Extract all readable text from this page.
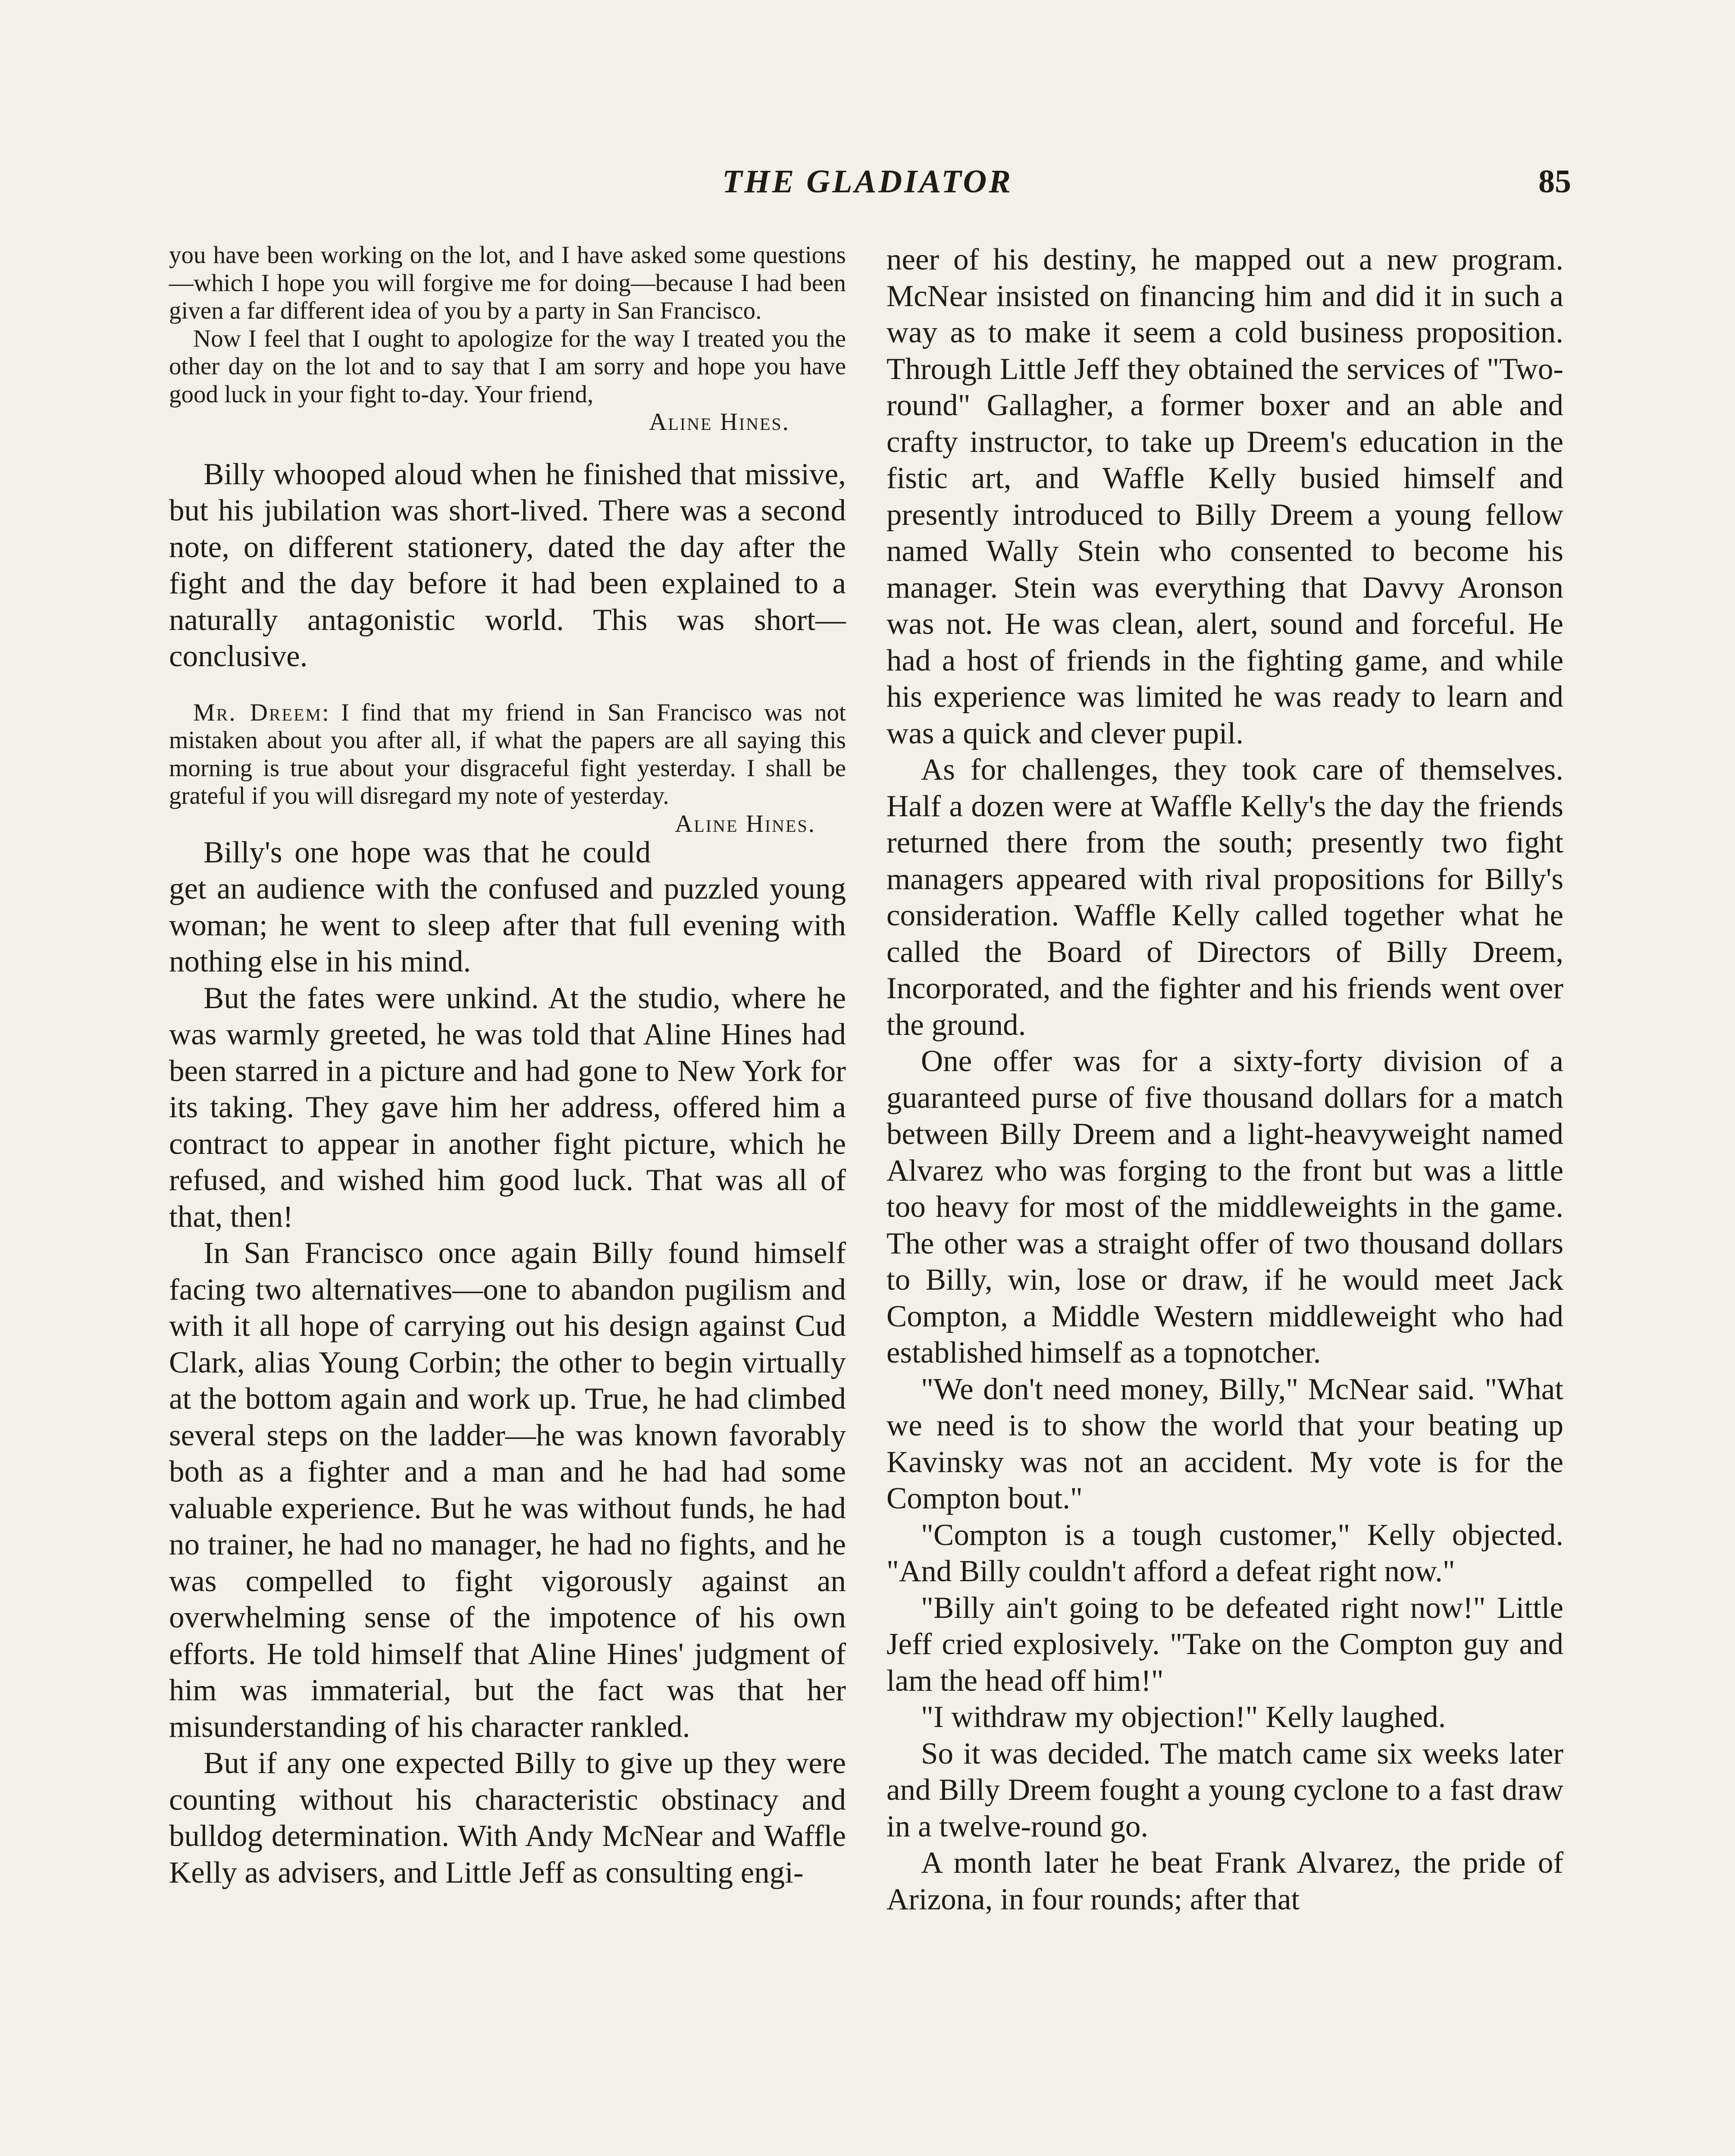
THE GLADIATOR	85

you have been working on the lot, and I have asked some questions—which I hope you will forgive me for doing—because I had been given a far different idea of you by a party in San Francisco.

Now I feel that I ought to apologize for the way I treated you the other day on the lot and to say that I am sorry and hope you have good luck in your fight to-day. Your friend,

Aline Hines.

Billy whooped aloud when he finished that missive, but his jubilation was short-lived. There was a second note, on different stationery, dated the day after the fight and the day before it had been explained to a naturally antagonistic world. This was short—conclusive.

Mr. Dreem: I find that my friend in San Francisco was not mistaken about you after all, if what the papers are all saying this morning is true about your disgraceful fight yesterday. I shall be grateful if you will disregard my note of yesterday.
Aline Hines.

Billy's one hope was that he could get an audience with the confused and puzzled young woman; he went to sleep after that full evening with nothing else in his mind.

But the fates were unkind. At the studio, where he was warmly greeted, he was told that Aline Hines had been starred in a picture and had gone to New York for its taking. They gave him her address, offered him a contract to appear in another fight picture, which he refused, and wished him good luck. That was all of that, then!

In San Francisco once again Billy found himself facing two alternatives—one to abandon pugilism and with it all hope of carrying out his design against Cud Clark, alias Young Corbin; the other to begin virtually at the bottom again and work up. True, he had climbed several steps on the ladder—he was known favorably both as a fighter and a man and he had had some valuable experience. But he was without funds, he had no trainer, he had no manager, he had no fights, and he was compelled to fight vigorously against an overwhelming sense of the impotence of his own efforts. He told himself that Aline Hines' judgment of him was immaterial, but the fact was that her misunderstanding of his character rankled.

But if any one expected Billy to give up they were counting without his characteristic obstinacy and bulldog determination. With Andy McNear and Waffle Kelly as advisers, and Little Jeff as consulting engi-

neer of his destiny, he mapped out a new program. McNear insisted on financing him and did it in such a way as to make it seem a cold business proposition. Through Little Jeff they obtained the services of "Two-round" Gallagher, a former boxer and an able and crafty instructor, to take up Dreem's education in the fistic art, and Waffle Kelly busied himself and presently introduced to Billy Dreem a young fellow named Wally Stein who consented to become his manager. Stein was everything that Davvy Aronson was not. He was clean, alert, sound and forceful. He had a host of friends in the fighting game, and while his experience was limited he was ready to learn and was a quick and clever pupil.

As for challenges, they took care of themselves. Half a dozen were at Waffle Kelly's the day the friends returned there from the south; presently two fight managers appeared with rival propositions for Billy's consideration. Waffle Kelly called together what he called the Board of Directors of Billy Dreem, Incorporated, and the fighter and his friends went over the ground.

One offer was for a sixty-forty division of a guaranteed purse of five thousand dollars for a match between Billy Dreem and a light-heavyweight named Alvarez who was forging to the front but was a little too heavy for most of the middleweights in the game. The other was a straight offer of two thousand dollars to Billy, win, lose or draw, if he would meet Jack Compton, a Middle Western middleweight who had established himself as a topnotcher.

"We don't need money, Billy," McNear said. "What we need is to show the world that your beating up Kavinsky was not an accident. My vote is for the Compton bout."

"Compton is a tough customer," Kelly objected. "And Billy couldn't afford a defeat right now."

"Billy ain't going to be defeated right now!" Little Jeff cried explosively. "Take on the Compton guy and lam the head off him!"

"I withdraw my objection!" Kelly laughed.

So it was decided. The match came six weeks later and Billy Dreem fought a young cyclone to a fast draw in a twelve-round go.

A month later he beat Frank Alvarez, the pride of Arizona, in four rounds; after that
